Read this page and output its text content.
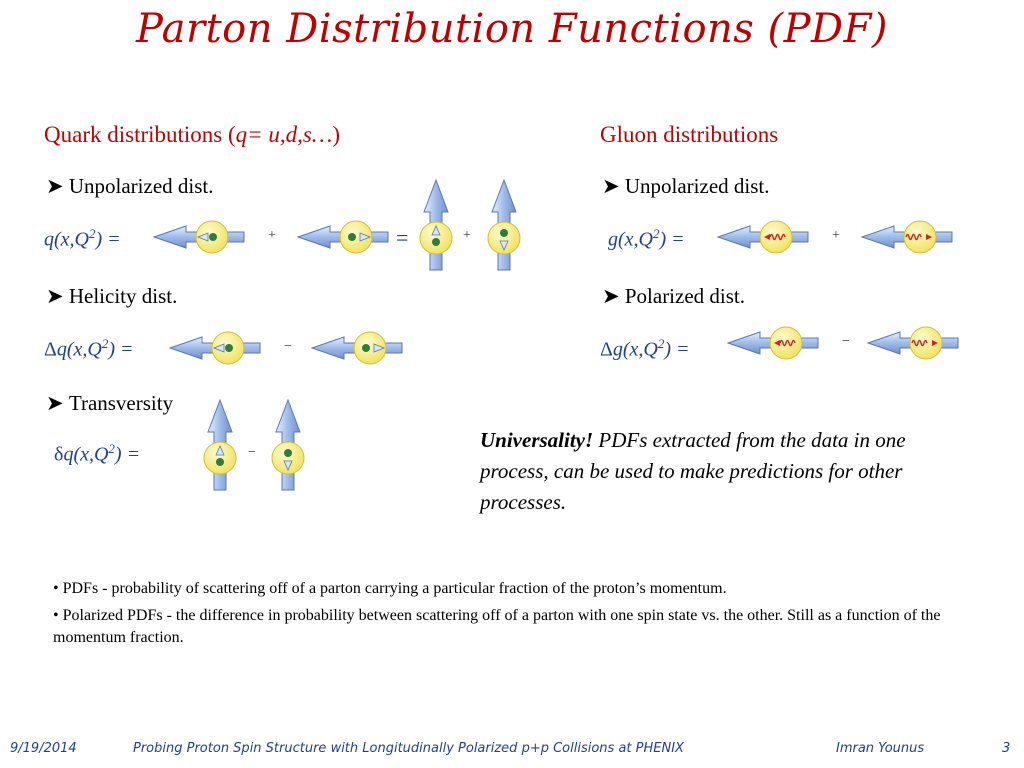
Parton Distribution Functions (PDF)
Quark distributions (q= u,d,s…)
➤ Unpolarized dist.
$q(x,Q^2)$ =	+	=	+
➤ Helicity dist.
$\Delta q(x,Q^2)$ =	−
➤ Transversity
$\delta q(x,Q^2)$ =	−
Gluon distributions
➤ Unpolarized dist.
$g(x,Q^2)$ =	+
➤ Polarized dist.
$\Delta g(x,Q^2)$ =	−
Universality! PDFs extracted from the data in one process, can be used to make predictions for other processes.
• PDFs - probability of scattering off of a parton carrying a particular fraction of the proton’s momentum.
• Polarized PDFs - the difference in probability between scattering off of a parton with one spin state vs. the other. Still as a function of the momentum fraction.
9/19/2014	Probing Proton Spin Structure with Longitudinally Polarized p+p Collisions at PHENIX	Imran Younus	3
